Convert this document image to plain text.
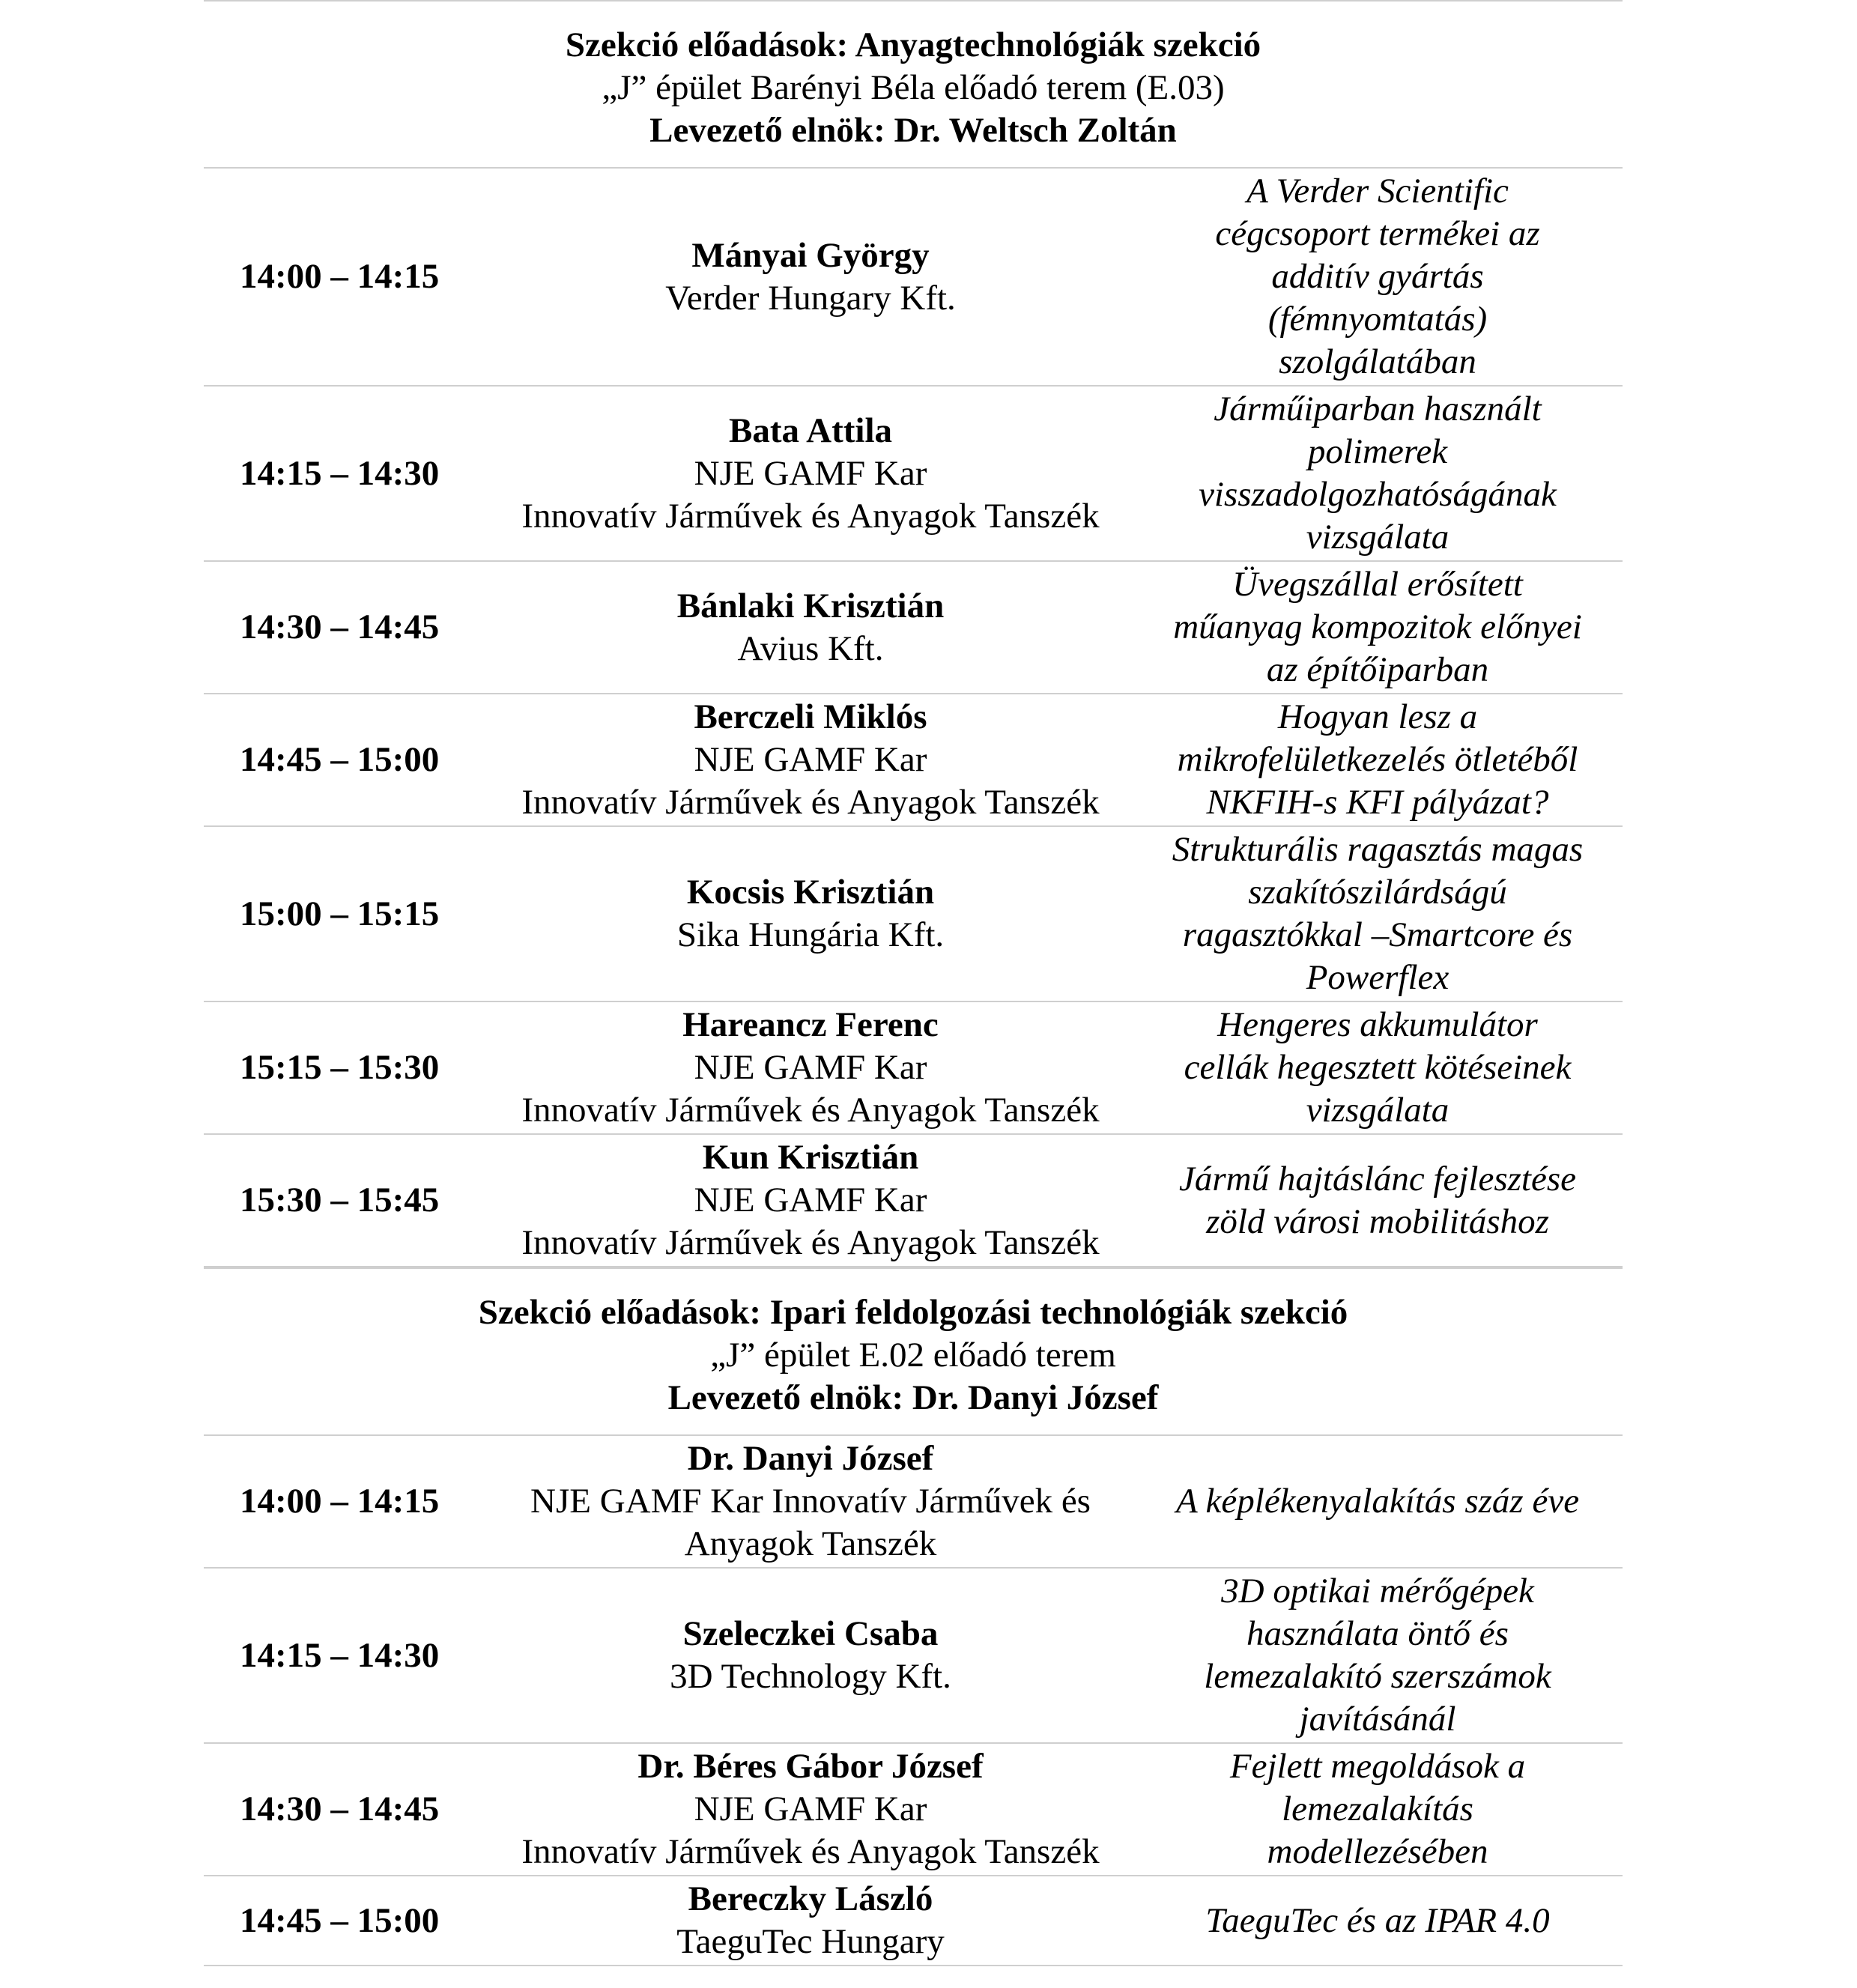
Szekció előadások: Anyagtechnológiák szekció
„J” épület Barényi Béla előadó terem (E.03)
Levezető elnök: Dr. Weltsch Zoltán
14:00 – 14:15
Mányai György
Verder Hungary Kft.
A Verder Scientific
cégcsoport termékei az
additív gyártás
(fémnyomtatás)
szolgálatában
14:15 – 14:30
Bata Attila
NJE GAMF Kar
Innovatív Járművek és Anyagok Tanszék
Járműiparban használt
polimerek
visszadolgozhatóságának
vizsgálata
14:30 – 14:45
Bánlaki Krisztián
Avius Kft.
Üvegszállal erősített
műanyag kompozitok előnyei
az építőiparban
14:45 – 15:00
Berczeli Miklós
NJE GAMF Kar
Innovatív Járművek és Anyagok Tanszék
Hogyan lesz a
mikrofelületkezelés ötletéből
NKFIH-s KFI pályázat?
15:00 – 15:15
Kocsis Krisztián
Sika Hungária Kft.
Strukturális ragasztás magas
szakítószilárdságú
ragasztókkal –Smartcore és
Powerflex
15:15 – 15:30
Hareancz Ferenc
NJE GAMF Kar
Innovatív Járművek és Anyagok Tanszék
Hengeres akkumulátor
cellák hegesztett kötéseinek
vizsgálata
15:30 – 15:45
Kun Krisztián
NJE GAMF Kar
Innovatív Járművek és Anyagok Tanszék
Jármű hajtáslánc fejlesztése
zöld városi mobilitáshoz
Szekció előadások: Ipari feldolgozási technológiák szekció
„J” épület E.02 előadó terem
Levezető elnök: Dr. Danyi József
14:00 – 14:15
Dr. Danyi József
NJE GAMF Kar Innovatív Járművek és
Anyagok Tanszék
A képlékenyalakítás száz éve
14:15 – 14:30
Szeleczkei Csaba
3D Technology Kft.
3D optikai mérőgépek
használata öntő és
lemezalakító szerszámok
javításánál
14:30 – 14:45
Dr. Béres Gábor József
NJE GAMF Kar
Innovatív Járművek és Anyagok Tanszék
Fejlett megoldások a
lemezalakítás
modellezésében
14:45 – 15:00
Bereczky László
TaeguTec Hungary
TaeguTec és az IPAR 4.0
